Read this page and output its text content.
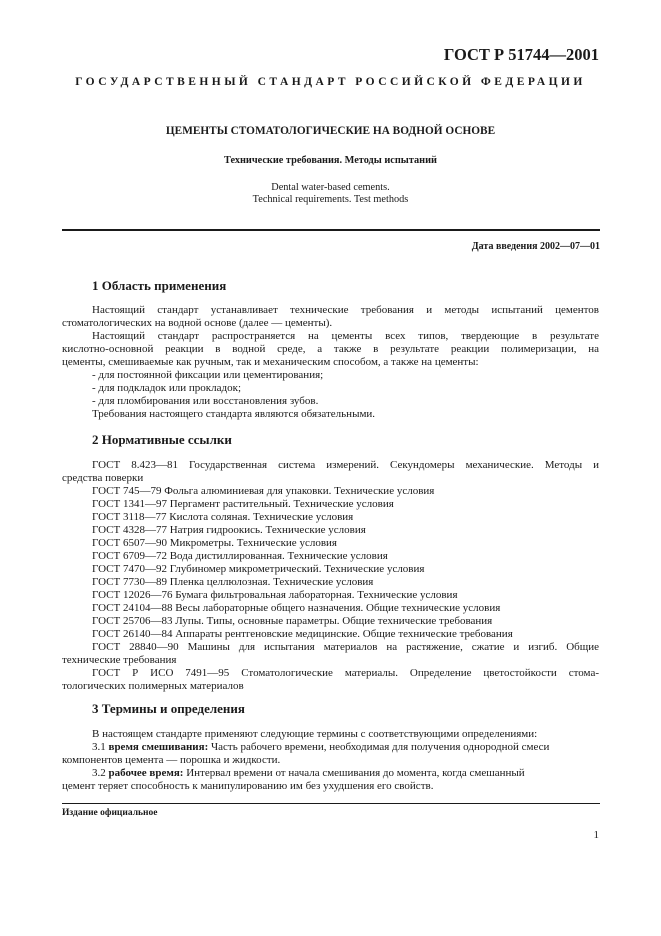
ГОСТ Р 51744—2001
ГОСУДАРСТВЕННЫЙ СТАНДАРТ РОССИЙСКОЙ ФЕДЕРАЦИИ
ЦЕМЕНТЫ СТОМАТОЛОГИЧЕСКИЕ НА ВОДНОЙ ОСНОВЕ
Технические требования. Методы испытаний
Dental water-based cements.
Technical requirements. Test methods
Дата введения 2002—07—01
1 Область применения
Настоящий стандарт устанавливает технические требования и методы испытаний цементов
стоматологических на водной основе (далее — цементы).
Настоящий стандарт распространяется на цементы всех типов, твердеющие в результате
кислотно-основной реакции в водной среде, а также в результате реакции полимеризации, на
цементы, смешиваемые как ручным, так и механическим способом, а также на цементы:
- для постоянной фиксации или цементирования;
- для подкладок или прокладок;
- для пломбирования или восстановления зубов.
Требования настоящего стандарта являются обязательными.
2 Нормативные ссылки
ГОСТ 8.423—81 Государственная система измерений. Секундомеры механические. Методы и
средства поверки
ГОСТ 745—79 Фольга алюминиевая для упаковки. Технические условия
ГОСТ 1341—97 Пергамент растительный. Технические условия
ГОСТ 3118—77 Кислота соляная. Технические условия
ГОСТ 4328—77 Натрия гидроокись. Технические условия
ГОСТ 6507—90 Микрометры. Технические условия
ГОСТ 6709—72 Вода дистиллированная. Технические условия
ГОСТ 7470—92 Глубиномер микрометрический. Технические условия
ГОСТ 7730—89 Пленка целлюлозная. Технические условия
ГОСТ 12026—76 Бумага фильтровальная лабораторная. Технические условия
ГОСТ 24104—88 Весы лабораторные общего назначения. Общие технические условия
ГОСТ 25706—83 Лупы. Типы, основные параметры. Общие технические требования
ГОСТ 26140—84 Аппараты рентгеновские медицинские. Общие технические требования
ГОСТ 28840—90 Машины для испытания материалов на растяжение, сжатие и изгиб. Общие
технические требования
ГОСТ Р ИСО 7491—95 Стоматологические материалы. Определение цветостойкости стома-
тологических полимерных материалов
3 Термины и определения
В настоящем стандарте применяют следующие термины с соответствующими определениями:
3.1 время смешивания: Часть рабочего времени, необходимая для получения однородной смеси
компонентов цемента — порошка и жидкости.
3.2 рабочее время: Интервал времени от начала смешивания до момента, когда смешанный
цемент теряет способность к манипулированию им без ухудшения его свойств.
Издание официальное
1
